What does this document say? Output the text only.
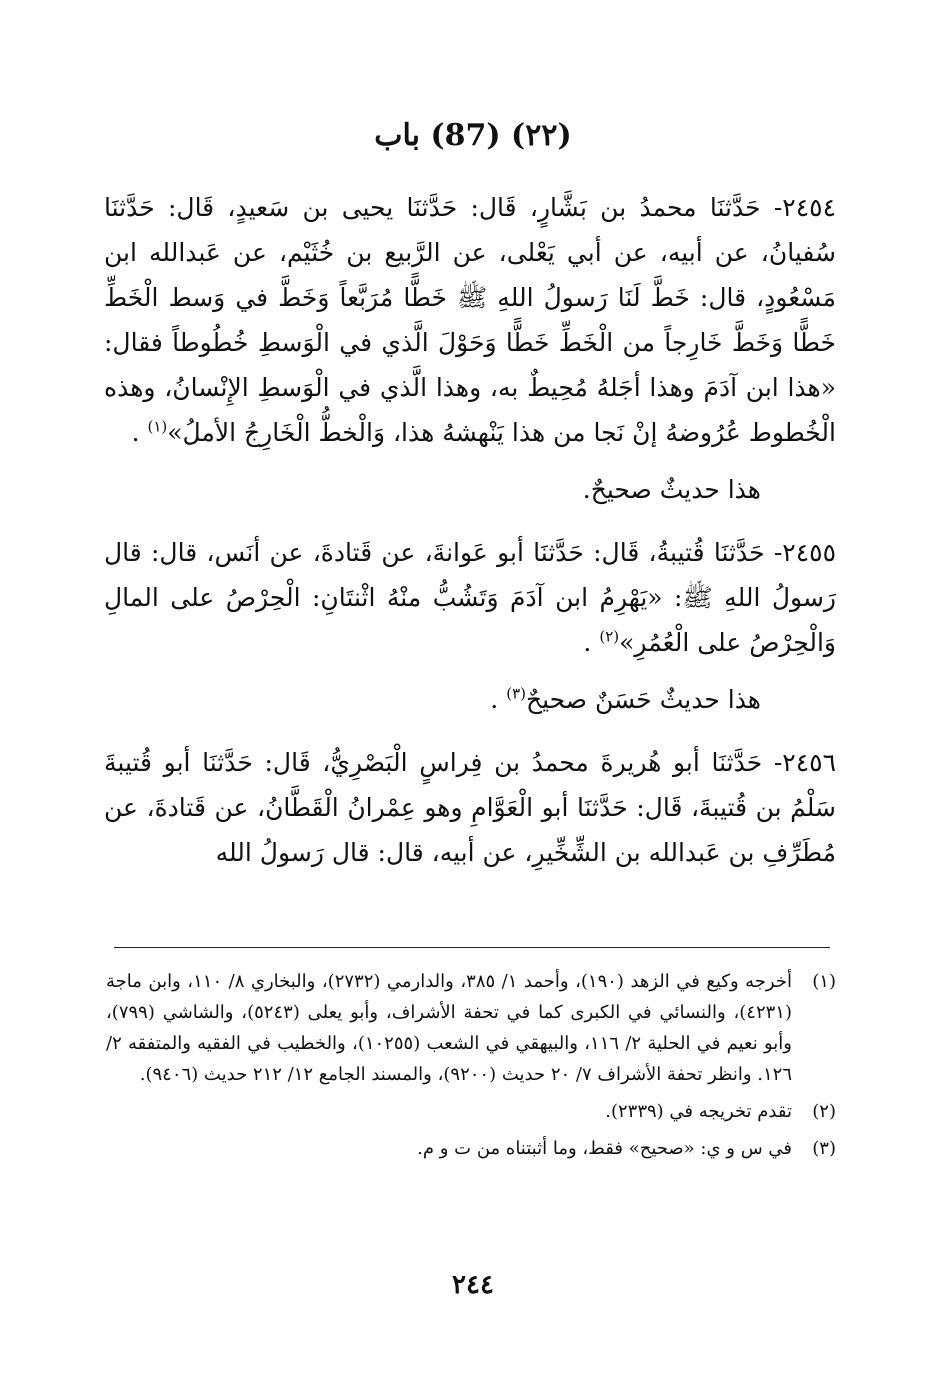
(٢٢) (87) باب

٢٤٥٤- حَدَّثنَا محمدُ بن بَشَّارٍ، قَال: حَدَّثنَا يحيى بن سَعيدٍ، قَال: حَدَّثنَا سُفيانُ، عن أبيه، عن أبي يَعْلى، عن الرَّبيع بن خُثَيْم، عن عَبدالله ابن مَسْعُودٍ، قال: خَطَّ لَنَا رَسولُ اللهِ ﷺ خَطًّا مُرَبَّعاً وَخَطَّ في وَسط الْخَطِّ خَطًّا وَخَطَّ خَارِجاً من الْخَطِّ خَطًّا وَحَوْلَ الَّذي في الْوَسطِ خُطُوطاً فقال: «هذا ابن آدَمَ وهذا أجَلهُ مُحِيطٌ به، وهذا الَّذي في الْوَسطِ الإِنْسانُ، وهذه الْخُطوط عُرُوضهُ إنْ نَجا من هذا يَنْهشهُ هذا، وَالْخطُّ الْخَارِجُ الأملُ»$^{(١)}$ .

هذا حديثٌ صحيحٌ.

٢٤٥٥- حَدَّثنَا قُتيبةُ، قَال: حَدَّثنَا أبو عَوانةَ، عن قَتادةَ، عن أنَس، قال: قال رَسولُ اللهِ ﷺ: «يَهْرِمُ ابن آدَمَ وَتَشُبُّ منْهُ اثْنتَانِ: الْحِرْصُ على المالِ وَالْحِرْصُ على الْعُمُرِ»$^{(٢)}$ .

هذا حديثٌ حَسَنٌ صحيحٌ$^{(٣)}$ .

٢٤٥٦- حَدَّثنَا أبو هُريرةَ محمدُ بن فِراسٍ الْبَصْرِيُّ، قَال: حَدَّثنَا أبو قُتيبةَ سَلْمُ بن قُتيبةَ، قَال: حَدَّثنَا أبو الْعَوَّامِ وهو عِمْرانُ الْقَطَّانُ، عن قَتادةَ، عن مُطَرِّفِ بن عَبدالله بن الشِّخِّيرِ، عن أبيه، قال: قال رَسولُ الله

(١)
أخرجه وكيع في الزهد (١٩٠)، وأحمد ١/ ٣٨٥، والدارمي (٢٧٣٢)، والبخاري ٨/ ١١٠، وابن ماجة (٤٢٣١)، والنسائي في الكبرى كما في تحفة الأشراف، وأبو يعلى (٥٢٤٣)، والشاشي (٧٩٩)، وأبو نعيم في الحلية ٢/ ١١٦، والبيهقي في الشعب (١٠٢٥٥)، والخطيب في الفقيه والمتفقه ٢/ ١٢٦. وانظر تحفة الأشراف ٧/ ٢٠ حديث (٩٢٠٠)، والمسند الجامع ١٢/ ٢١٢ حديث (٩٤٠٦).
(٢)
تقدم تخريجه في (٢٣٣٩).
(٣)
في س و ي: «صحيح» فقط، وما أثبتناه من ت و م.
٢٤٤
